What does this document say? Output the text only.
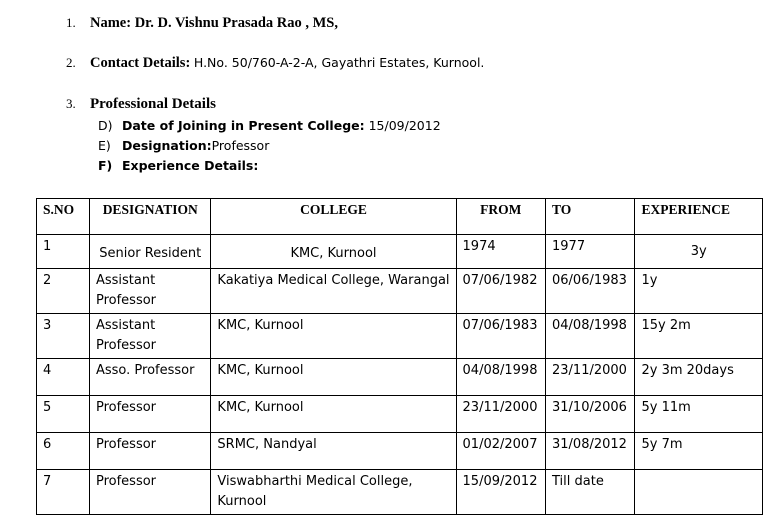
1. Name: Dr. D. Vishnu Prasada Rao , MS,
2. Contact Details: H.No. 50/760-A-2-A, Gayathri Estates, Kurnool.
3. Professional Details
D) Date of Joining in Present College: 15/09/2012
E) Designation:Professor
F) Experience Details:
S.NO	DESIGNATION	COLLEGE	FROM	TO	EXPERIENCE
1	Senior Resident	KMC, Kurnool	1974	1977	3y
2	Assistant Professor	Kakatiya Medical College, Warangal	07/06/1982	06/06/1983	1y
3	Assistant Professor	KMC, Kurnool	07/06/1983	04/08/1998	15y 2m
4	Asso. Professor	KMC, Kurnool	04/08/1998	23/11/2000	2y 3m 20days
5	Professor	KMC, Kurnool	23/11/2000	31/10/2006	5y 11m
6	Professor	SRMC, Nandyal	01/02/2007	31/08/2012	5y 7m
7	Professor	Viswabharthi Medical College, Kurnool	15/09/2012	Till date	
